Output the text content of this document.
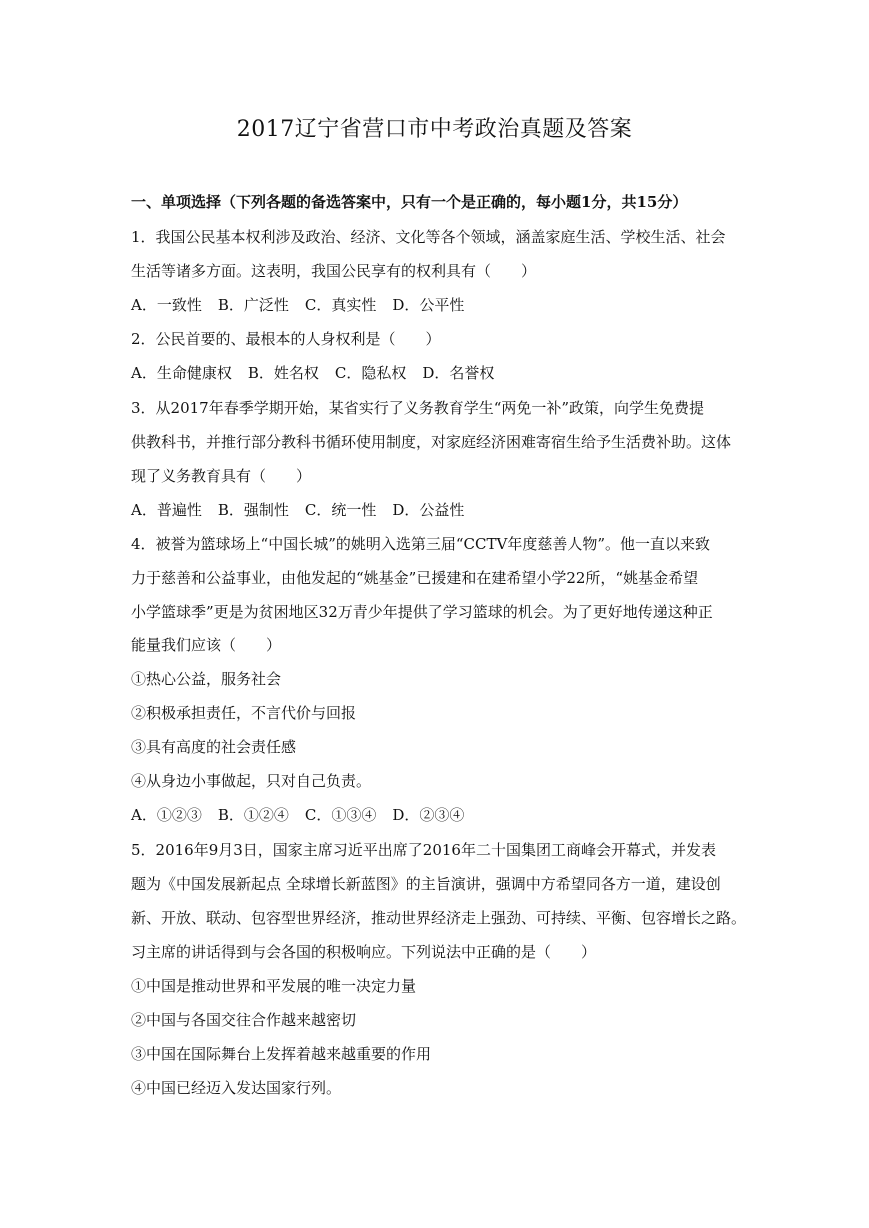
2017辽宁省营口市中考政治真题及答案
一、单项选择（下列各题的备选答案中，只有一个是正确的，每小题1分，共15分）
1．我国公民基本权利涉及政治、经济、文化等各个领域，涵盖家庭生活、学校生活、社会
生活等诸多方面。这表明，我国公民享有的权利具有（　　）
A．一致性 B．广泛性 C．真实性 D．公平性
2．公民首要的、最根本的人身权利是（　　）
A．生命健康权 B．姓名权 C．隐私权 D．名誉权
3．从2017年春季学期开始，某省实行了义务教育学生“两免一补”政策，向学生免费提
供教科书，并推行部分教科书循环使用制度，对家庭经济困难寄宿生给予生活费补助。这体
现了义务教育具有（　　）
A．普遍性 B．强制性 C．统一性 D．公益性
4．被誉为篮球场上“中国长城”的姚明入选第三届“CCTV年度慈善人物”。他一直以来致
力于慈善和公益事业，由他发起的“姚基金”已援建和在建希望小学22所，“姚基金希望
小学篮球季”更是为贫困地区32万青少年提供了学习篮球的机会。为了更好地传递这种正
能量我们应该（　　）
①热心公益，服务社会
②积极承担责任，不言代价与回报
③具有高度的社会责任感
④从身边小事做起，只对自己负责。
A．①②③ B．①②④ C．①③④ D．②③④
5．2016年9月3日，国家主席习近平出席了2016年二十国集团工商峰会开幕式，并发表
题为《中国发展新起点 全球增长新蓝图》的主旨演讲，强调中方希望同各方一道，建设创
新、开放、联动、包容型世界经济，推动世界经济走上强劲、可持续、平衡、包容增长之路。
习主席的讲话得到与会各国的积极响应。下列说法中正确的是（　　）
①中国是推动世界和平发展的唯一决定力量
②中国与各国交往合作越来越密切
③中国在国际舞台上发挥着越来越重要的作用
④中国已经迈入发达国家行列。
